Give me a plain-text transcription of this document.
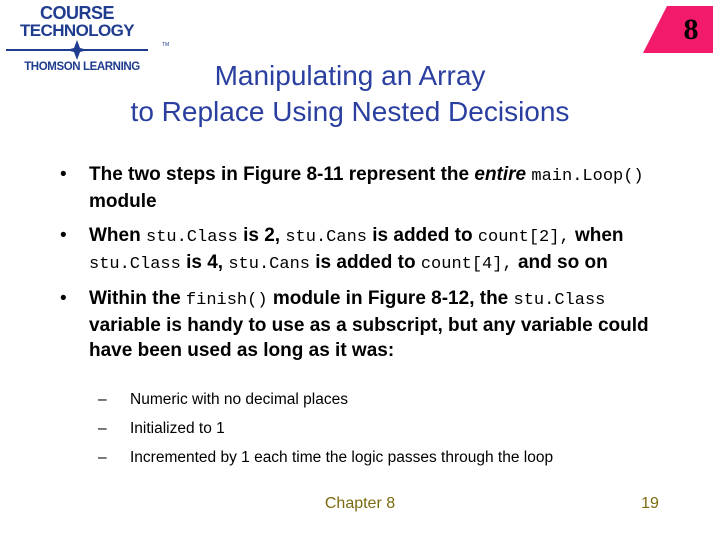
COURSE
TECHNOLOGY
TM
THOMSON LEARNING
8
Manipulating an Array
to Replace Using Nested Decisions
• The two steps in Figure 8-11 represent the entire main.Loop() module
• When stu.Class is 2, stu.Cans is added to count[2], when stu.Class is 4, stu.Cans is added to count[4], and so on
• Within the finish() module in Figure 8-12, the stu.Class variable is handy to use as a subscript, but any variable could have been used as long as it was:
– Numeric with no decimal places
– Initialized to 1
– Incremented by 1 each time the logic passes through the loop
Chapter 8	19
